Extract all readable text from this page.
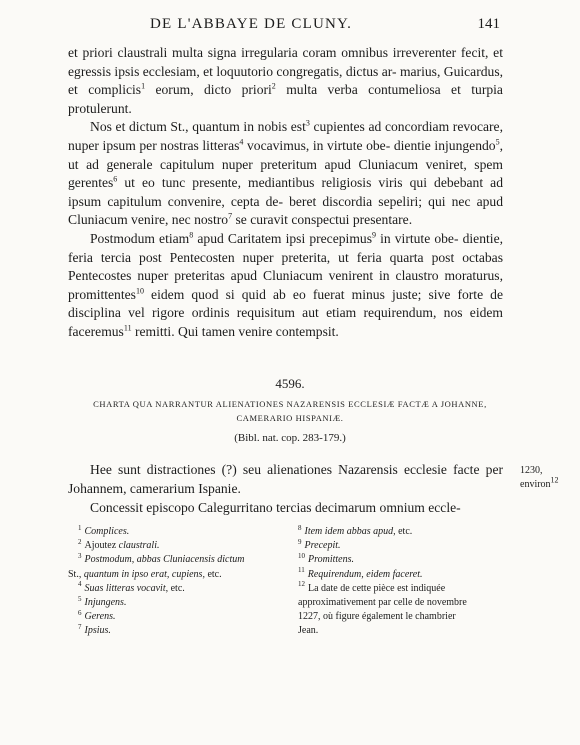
DE L'ABBAYE DE CLUNY.	141

et priori claustrali multa signa irregularia coram omnibus irreverenter fecit, et egressis ipsis ecclesiam, et loquutorio congregatis, dictus ar- marius, Guicardus, et complicis$^1$ eorum, dicto priori$^2$ multa verba contumeliosa et turpia protulerunt.

Nos et dictum St., quantum in nobis est$^3$ cupientes ad concordiam revocare, nuper ipsum per nostras litteras$^4$ vocavimus, in virtute obe- dientie injungendo$^5$, ut ad generale capitulum nuper preteritum apud Cluniacum veniret, spem gerentes$^6$ ut eo tunc presente, mediantibus religiosis viris qui debebant ad ipsum capitulum convenire, cepta de- beret discordia sepeliri; qui nec apud Cluniacum venire, nec nostro$^7$ se curavit conspectui presentare.

Postmodum etiam$^8$ apud Caritatem ipsi precepimus$^9$ in virtute obe- dientie, feria tercia post Pentecosten nuper preterita, ut feria quarta post octabas Pentecostes nuper preteritas apud Cluniacum venirent in claustro moraturus, promittentes$^{10}$ eidem quod si quid ab eo fuerat minus juste; sive forte de disciplina vel rigore ordinis requisitum aut etiam requirendum, nos eidem faceremus$^{11}$ remitti. Qui tamen venire contempsit.

4596.
CHARTA QUA NARRANTUR ALIENATIONES NAZARENSIS ECCLESIÆ FACTÆ A JOHANNE,
CAMERARIO HISPANIÆ.
(Bibl. nat. cop. 283-179.)

Hee sunt distractiones (?) seu alienationes Nazarensis ecclesie facte per Johannem, camerarium Ispanie.

Concessit episcopo Calegurritano tercias decimarum omnium eccle-

1230,
environ$^{12}$

$^1$ Complices.

$^2$ Ajoutez claustrali.

$^3$ Postmodum, abbas Cluniacensis dictum

St., quantum in ipso erat, cupiens, etc.

$^4$ Suas litteras vocavit, etc.

$^5$ Injungens.

$^6$ Gerens.

$^7$ Ipsius.

$^8$ Item idem abbas apud, etc.

$^9$ Precepit.

$^{10}$ Promittens.

$^{11}$ Requirendum, eidem faceret.

$^{12}$ La date de cette pièce est indiquée

approximativement par celle de novembre

1227, où figure également le chambrier

Jean.
